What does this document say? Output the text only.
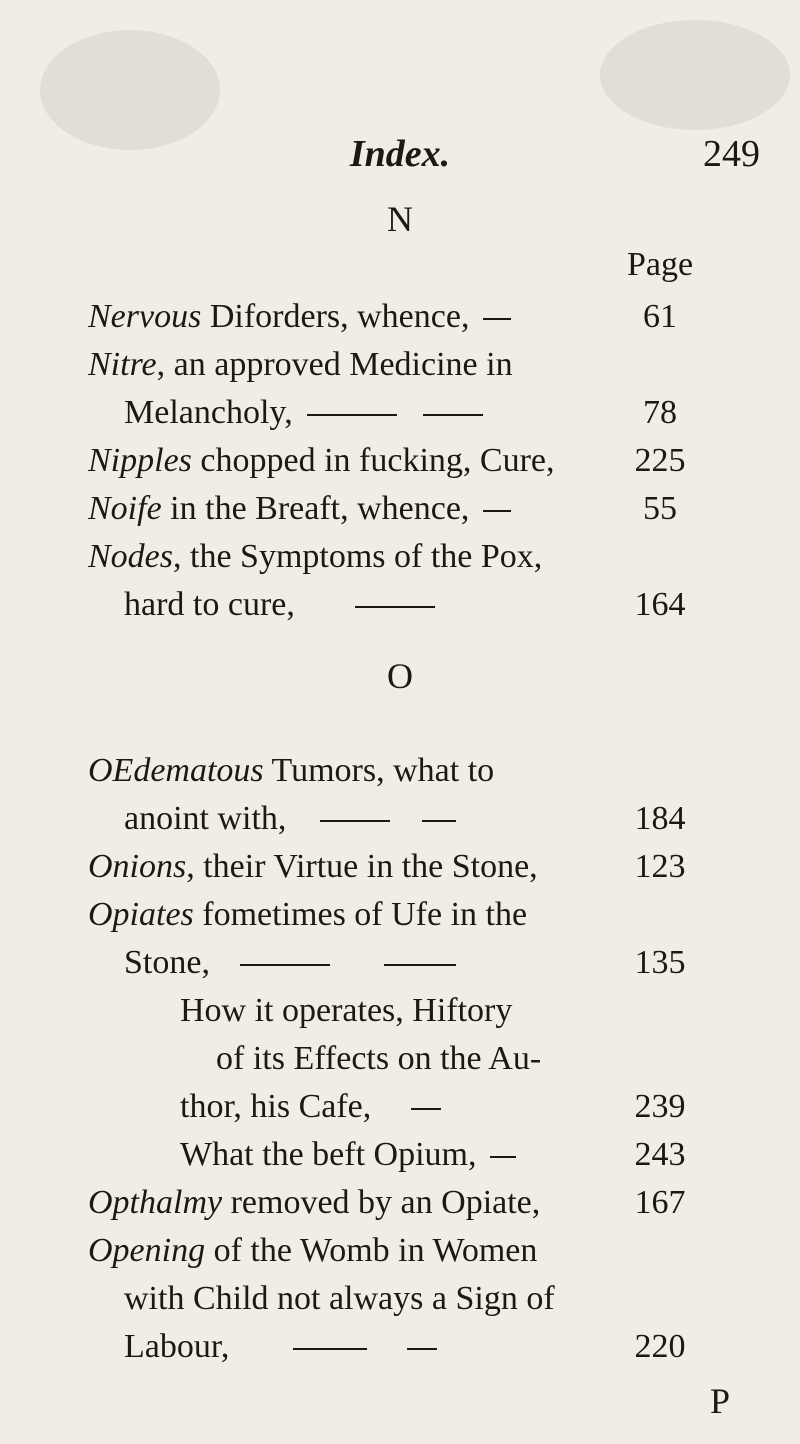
Index.	249
N
Page
Nervous Diforders, whence,	61
Nitre, an approved Medicine in
Melancholy,	78
Nipples chopped in fucking, Cure,	225
Noife in the Breaft, whence,	55
Nodes, the Symptoms of the Pox,
hard to cure,	164
O
OEdematous Tumors, what to
anoint with,	184
Onions, their Virtue in the Stone,	123
Opiates fometimes of Ufe in the
Stone,	135
How it operates, Hiftory
of its Effects on the Au-
thor, his Cafe,	239
What the beft Opium,	243
Opthalmy removed by an Opiate,	167
Opening of the Womb in Women
with Child not always a Sign of
Labour,	220
P
